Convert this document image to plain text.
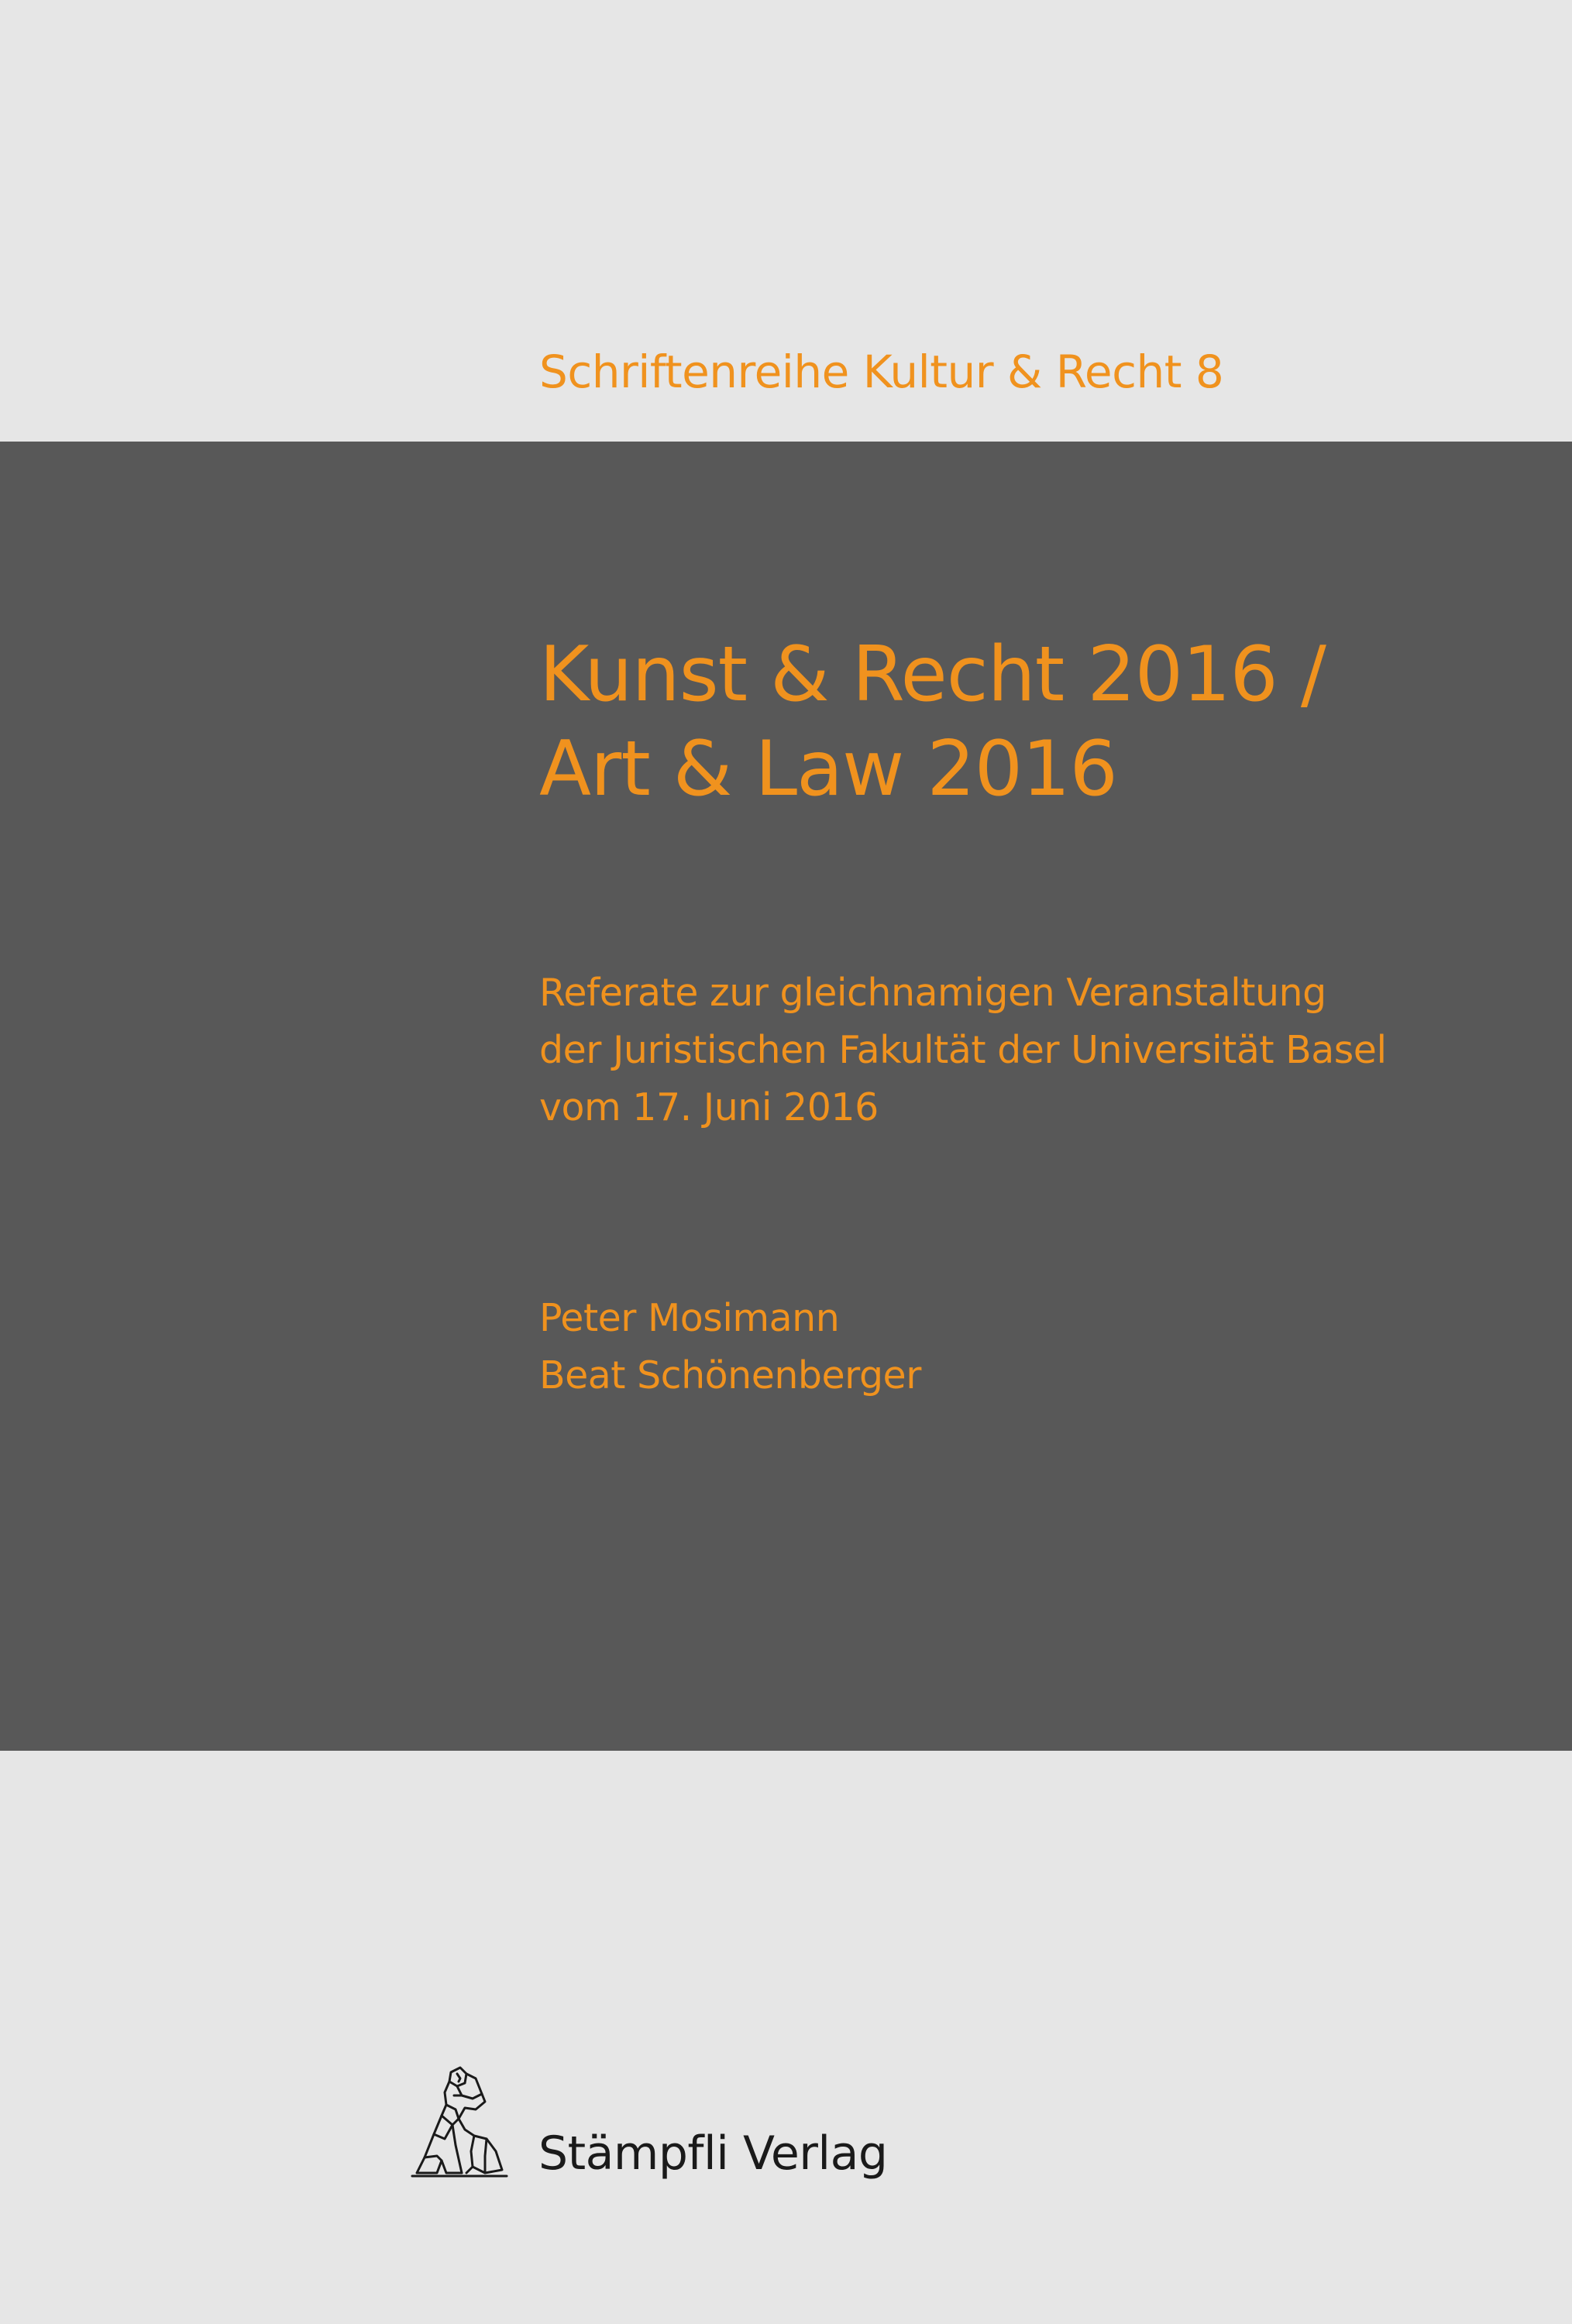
Schriftenreihe Kultur & Recht 8
Kunst & Recht 2016 /
Art & Law 2016

Referate zur gleichnamigen Veranstaltung
der Juristischen Fakultät der Universität Basel
vom 17. Juni 2016

Peter Mosimann
Beat Schönenberger

Stämpfli Verlag
